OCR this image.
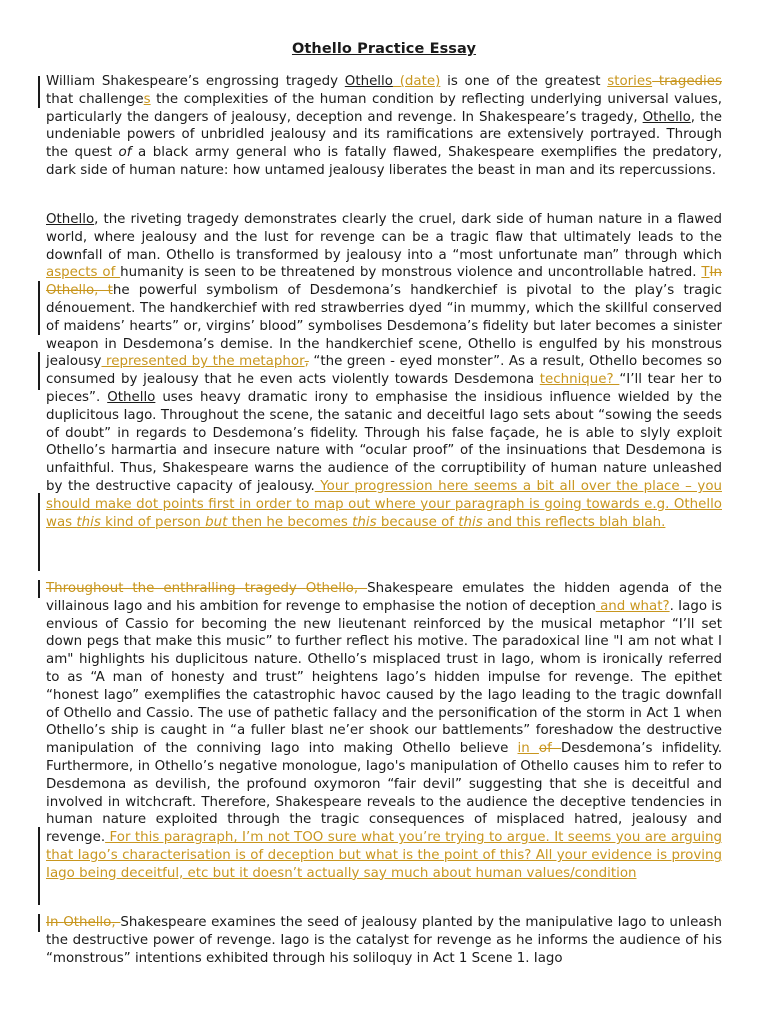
Othello Practice Essay

William Shakespeare’s engrossing tragedy Othello (date) is one of the greatest stories tragedies that challenges the complexities of the human condition by reflecting underlying universal values, particularly the dangers of jealousy, deception and revenge. In Shakespeare’s tragedy, Othello, the undeniable powers of unbridled jealousy and its ramifications are extensively portrayed. Through the quest of a black army general who is fatally flawed, Shakespeare exemplifies the predatory, dark side of human nature: how untamed jealousy liberates the beast in man and its repercussions.

Othello, the riveting tragedy demonstrates clearly the cruel, dark side of human nature in a flawed world, where jealousy and the lust for revenge can be a tragic flaw that ultimately leads to the downfall of man. Othello is transformed by jealousy into a “most unfortunate man” through which aspects of humanity is seen to be threatened by monstrous violence and uncontrollable hatred. TIn Othello, the powerful symbolism of Desdemona’s handkerchief is pivotal to the play’s tragic dénouement. The handkerchief with red strawberries dyed “in mummy, which the skillful conserved of maidens’ hearts” or, virgins’ blood” symbolises Desdemona’s fidelity but later becomes a sinister weapon in Desdemona’s demise. In the handkerchief scene, Othello is engulfed by his monstrous jealousy represented by the metaphor, “the green - eyed monster”. As a result, Othello becomes so consumed by jealousy that he even acts violently towards Desdemona technique? “I’ll tear her to pieces”. Othello uses heavy dramatic irony to emphasise the insidious influence wielded by the duplicitous Iago. Throughout the scene, the satanic and deceitful Iago sets about “sowing the seeds of doubt” in regards to Desdemona’s fidelity. Through his false façade, he is able to slyly exploit Othello’s harmartia and insecure nature with “ocular proof” of the insinuations that Desdemona is unfaithful. Thus, Shakespeare warns the audience of the corruptibility of human nature unleashed by the destructive capacity of jealousy. Your progression here seems a bit all over the place – you should make dot points first in order to map out where your paragraph is going towards e.g. Othello was this kind of person but then he becomes this because of this and this reflects blah blah.

Throughout the enthralling tragedy Othello, Shakespeare emulates the hidden agenda of the villainous Iago and his ambition for revenge to emphasise the notion of deception and what?. Iago is envious of Cassio for becoming the new lieutenant reinforced by the musical metaphor “I’ll set down pegs that make this music” to further reflect his motive. The paradoxical line "I am not what I am" highlights his duplicitous nature. Othello’s misplaced trust in Iago, whom is ironically referred to as “A man of honesty and trust” heightens Iago’s hidden impulse for revenge. The epithet “honest Iago” exemplifies the catastrophic havoc caused by the Iago leading to the tragic downfall of Othello and Cassio. The use of pathetic fallacy and the personification of the storm in Act 1 when Othello’s ship is caught in “a fuller blast ne’er shook our battlements” foreshadow the destructive manipulation of the conniving Iago into making Othello believe in of Desdemona’s infidelity. Furthermore, in Othello’s negative monologue, Iago's manipulation of Othello causes him to refer to Desdemona as devilish, the profound oxymoron “fair devil” suggesting that she is deceitful and involved in witchcraft. Therefore, Shakespeare reveals to the audience the deceptive tendencies in human nature exploited through the tragic consequences of misplaced hatred, jealousy and revenge. For this paragraph, I’m not TOO sure what you’re trying to argue. It seems you are arguing that Iago’s characterisation is of deception but what is the point of this? All your evidence is proving Iago being deceitful, etc but it doesn’t actually say much about human values/condition

In Othello, Shakespeare examines the seed of jealousy planted by the manipulative Iago to unleash the destructive power of revenge. Iago is the catalyst for revenge as he informs the audience of his “monstrous” intentions exhibited through his soliloquy in Act 1 Scene 1. Iago
